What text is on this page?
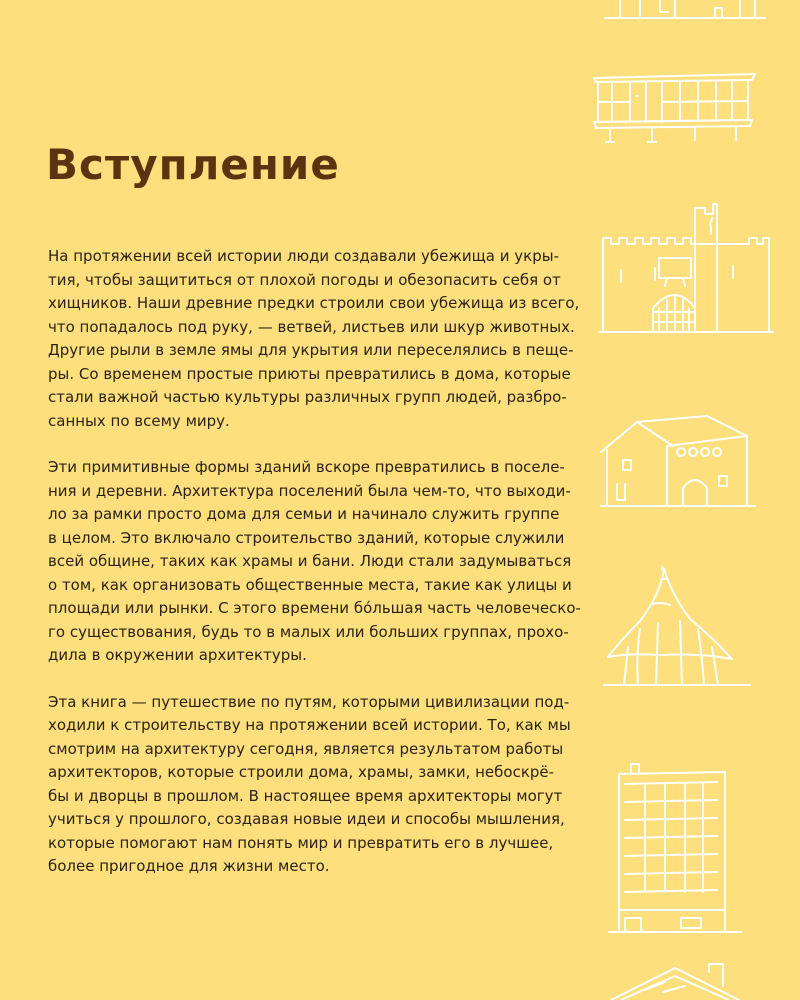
Вступление

На протяжении всей истории люди создавали убежища и укры-
тия, чтобы защититься от плохой погоды и обезопасить себя от
хищников. Наши древние предки строили свои убежища из всего,
что попадалось под руку, — ветвей, листьев или шкур животных.
Другие рыли в земле ямы для укрытия или переселялись в пеще-
ры. Со временем простые приюты превратились в дома, которые
стали важной частью культуры различных групп людей, разбро-
санных по всему миру.

Эти примитивные формы зданий вскоре превратились в поселе-
ния и деревни. Архитектура поселений была чем-то, что выходи-
ло за рамки просто дома для семьи и начинало служить группе
в целом. Это включало строительство зданий, которые служили
всей общине, таких как храмы и бани. Люди стали задумываться
о том, как организовать общественные места, такие как улицы и
площади или рынки. С этого времени бóльшая часть человеческо-
го существования, будь то в малых или больших группах, прохо-
дила в окружении архитектуры.

Эта книга — путешествие по путям, которыми цивилизации под-
ходили к строительству на протяжении всей истории. То, как мы
смотрим на архитектуру сегодня, является результатом работы
архитекторов, которые строили дома, храмы, замки, небоскрё-
бы и дворцы в прошлом. В настоящее время архитекторы могут
учиться у прошлого, создавая новые идеи и способы мышления,
которые помогают нам понять мир и превратить его в лучшее,
более пригодное для жизни место.
